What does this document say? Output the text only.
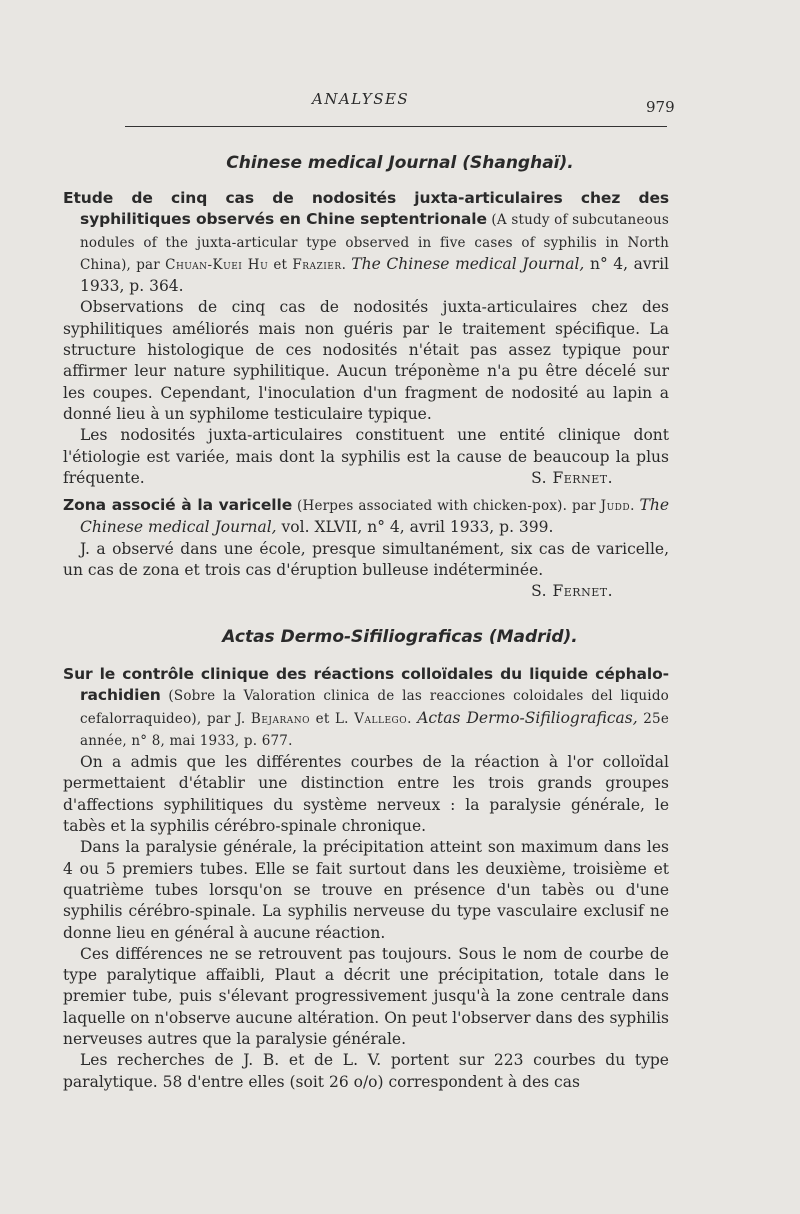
ANALYSES	979
Chinese medical Journal (Shanghaï).

Etude de cinq cas de nodosités juxta-articulaires chez des syphilitiques observés en Chine septentrionale (A study of subcutaneous nodules of the juxta-articular type observed in five cases of syphilis in North China), par Chuan-Kuei Hu et Frazier. The Chinese medical Journal, n° 4, avril 1933, p. 364.

Observations de cinq cas de nodosités juxta-articulaires chez des syphilitiques améliorés mais non guéris par le traitement spécifique. La structure histologique de ces nodosités n'était pas assez typique pour affirmer leur nature syphilitique. Aucun tréponème n'a pu être décelé sur les coupes. Cependant, l'inoculation d'un fragment de nodosité au lapin a donné lieu à un syphilome testiculaire typique.

Les nodosités juxta-articulaires constituent une entité clinique dont l'étiologie est variée, mais dont la syphilis est la cause de beaucoup la plus fréquente.	S. Fernet.

Zona associé à la varicelle (Herpes associated with chicken-pox). par Judd. The Chinese medical Journal, vol. XLVII, n° 4, avril 1933, p. 399.

J. a observé dans une école, presque simultanément, six cas de varicelle, un cas de zona et trois cas d'éruption bulleuse indéterminée.

S. Fernet.

Actas Dermo-Sifiliograficas (Madrid).

Sur le contrôle clinique des réactions colloïdales du liquide céphalo-rachidien (Sobre la Valoration clinica de las reacciones coloidales del liquido cefalorraquideo), par J. Bejarano et L. Vallego. Actas Dermo-Sifiliograficas, 25e année, n° 8, mai 1933, p. 677.

On a admis que les différentes courbes de la réaction à l'or colloïdal permettaient d'établir une distinction entre les trois grands groupes d'affections syphilitiques du système nerveux : la paralysie générale, le tabès et la syphilis cérébro-spinale chronique.

Dans la paralysie générale, la précipitation atteint son maximum dans les 4 ou 5 premiers tubes. Elle se fait surtout dans les deuxième, troisième et quatrième tubes lorsqu'on se trouve en présence d'un tabès ou d'une syphilis cérébro-spinale. La syphilis nerveuse du type vasculaire exclusif ne donne lieu en général à aucune réaction.

Ces différences ne se retrouvent pas toujours. Sous le nom de courbe de type paralytique affaibli, Plaut a décrit une précipitation, totale dans le premier tube, puis s'élevant progressivement jusqu'à la zone centrale dans laquelle on n'observe aucune altération. On peut l'observer dans des syphilis nerveuses autres que la paralysie générale.

Les recherches de J. B. et de L. V. portent sur 223 courbes du type paralytique. 58 d'entre elles (soit 26 o/o) correspondent à des cas
